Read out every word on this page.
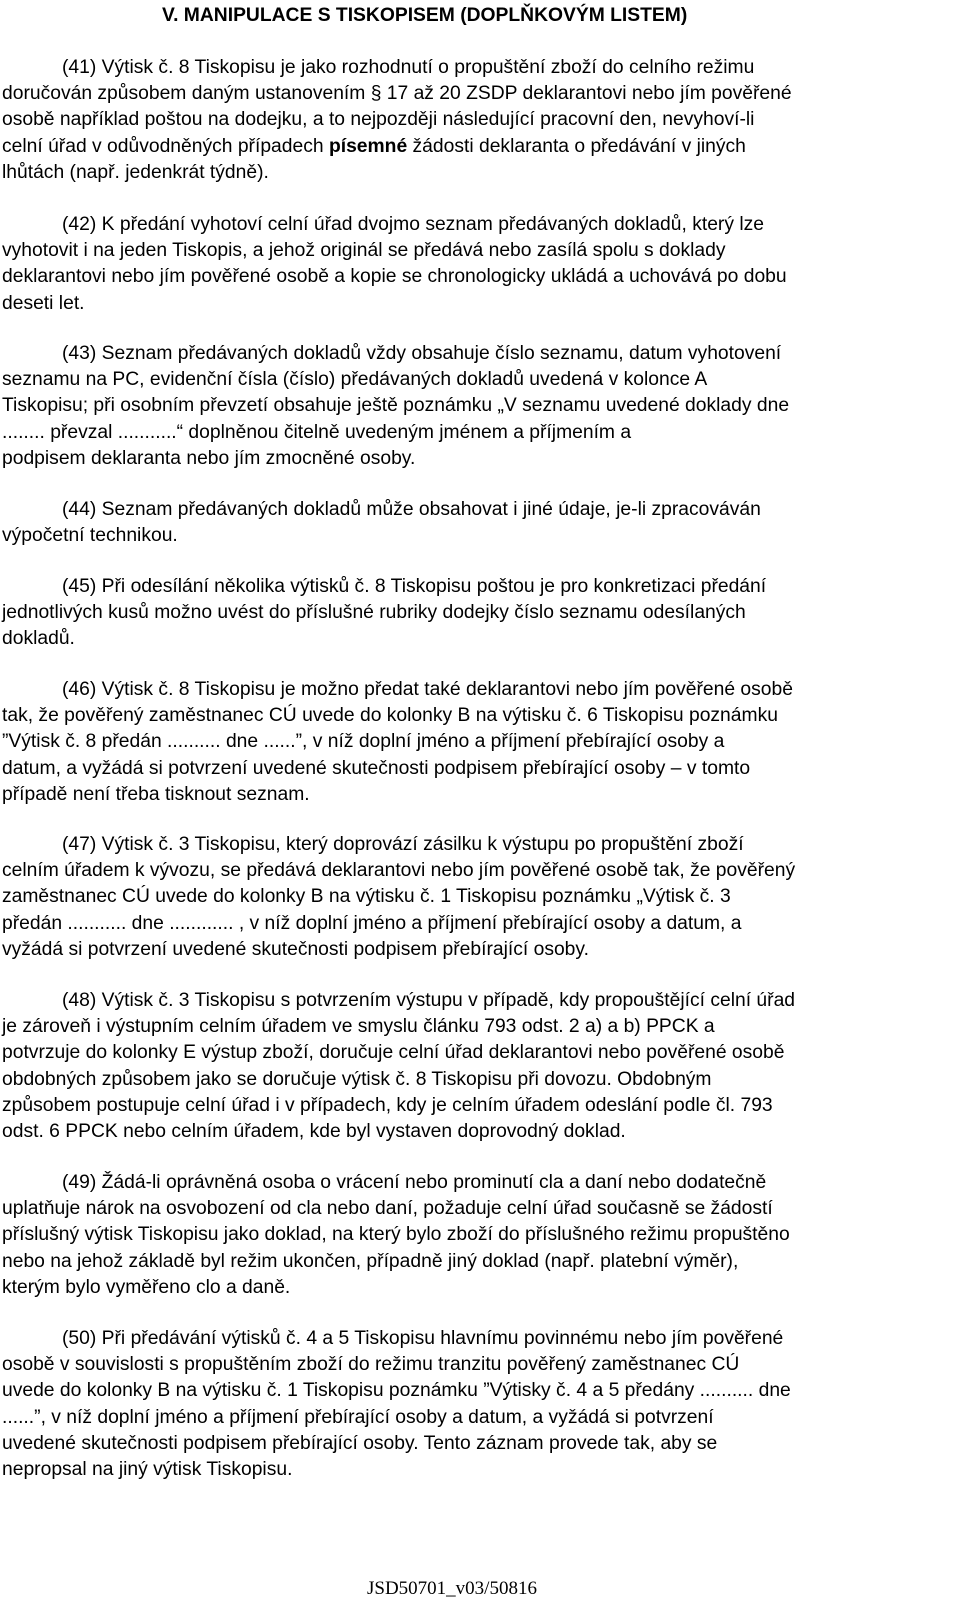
V. MANIPULACE S TISKOPISEM (DOPLŇKOVÝM LISTEM)
(41) Výtisk č. 8 Tiskopisu je jako rozhodnutí o propuštění zboží do celního režimu
doručován způsobem daným ustanovením § 17 až 20 ZSDP deklarantovi nebo jím pověřené
osobě například poštou na dodejku, a to nejpozději následující pracovní den, nevyhoví-li
celní úřad v odůvodněných případech písemné žádosti deklaranta o předávání v jiných
lhůtách (např. jedenkrát týdně).
(42) K předání vyhotoví celní úřad dvojmo seznam předávaných dokladů, který lze
vyhotovit i na jeden Tiskopis, a jehož originál se předává nebo zasílá spolu s doklady
deklarantovi nebo jím pověřené osobě a kopie se chronologicky ukládá a uchovává po dobu
deseti let.
(43) Seznam předávaných dokladů vždy obsahuje číslo seznamu, datum vyhotovení
seznamu na PC, evidenční čísla (číslo) předávaných dokladů uvedená v kolonce A
Tiskopisu; při osobním převzetí obsahuje ještě poznámku „V seznamu uvedené doklady dne
........ převzal ...........“ doplněnou čitelně uvedeným jménem a příjmením a
podpisem deklaranta nebo jím zmocněné osoby.
(44) Seznam předávaných dokladů může obsahovat i jiné údaje, je-li zpracováván
výpočetní technikou.
(45) Při odesílání několika výtisků č. 8 Tiskopisu poštou je pro konkretizaci předání
jednotlivých kusů možno uvést do příslušné rubriky dodejky číslo seznamu odesílaných
dokladů.
(46) Výtisk č. 8 Tiskopisu je možno předat také deklarantovi nebo jím pověřené osobě
tak, že pověřený zaměstnanec CÚ uvede do kolonky B na výtisku č. 6 Tiskopisu poznámku
”Výtisk č. 8 předán .......... dne ......”, v níž doplní jméno a příjmení přebírající osoby a
datum, a vyžádá si potvrzení uvedené skutečnosti podpisem přebírající osoby – v tomto
případě není třeba tisknout seznam.
(47) Výtisk č. 3 Tiskopisu, který doprovází zásilku k výstupu po propuštění zboží
celním úřadem k vývozu, se předává deklarantovi nebo jím pověřené osobě tak, že pověřený
zaměstnanec CÚ uvede do kolonky B na výtisku č. 1 Tiskopisu poznámku „Výtisk č. 3
předán ........... dne ............ , v níž doplní jméno a příjmení přebírající osoby a datum, a
vyžádá si potvrzení uvedené skutečnosti podpisem přebírající osoby.
(48) Výtisk č. 3 Tiskopisu s potvrzením výstupu v případě, kdy propouštějící celní úřad
je zároveň i výstupním celním úřadem ve smyslu článku 793 odst. 2 a) a b) PPCK a
potvrzuje do kolonky E výstup zboží, doručuje celní úřad deklarantovi nebo pověřené osobě
obdobných způsobem jako se doručuje výtisk č. 8 Tiskopisu při dovozu. Obdobným
způsobem postupuje celní úřad i v případech, kdy je celním úřadem odeslání podle čl. 793
odst. 6 PPCK nebo celním úřadem, kde byl vystaven doprovodný doklad.
(49) Žádá-li oprávněná osoba o vrácení nebo prominutí cla a daní nebo dodatečně
uplatňuje nárok na osvobození od cla nebo daní, požaduje celní úřad současně se žádostí
příslušný výtisk Tiskopisu jako doklad, na který bylo zboží do příslušného režimu propuštěno
nebo na jehož základě byl režim ukončen, případně jiný doklad (např. platební výměr),
kterým bylo vyměřeno clo a daně.
(50) Při předávání výtisků č. 4 a 5 Tiskopisu hlavnímu povinnému nebo jím pověřené
osobě v souvislosti s propuštěním zboží do režimu tranzitu pověřený zaměstnanec CÚ
uvede do kolonky B na výtisku č. 1 Tiskopisu poznámku ”Výtisky č. 4 a 5 předány .......... dne
......”, v níž doplní jméno a příjmení přebírající osoby a datum, a vyžádá si potvrzení
uvedené skutečnosti podpisem přebírající osoby. Tento záznam provede tak, aby se
nepropsal na jiný výtisk Tiskopisu.
JSD50701_v03/50816
